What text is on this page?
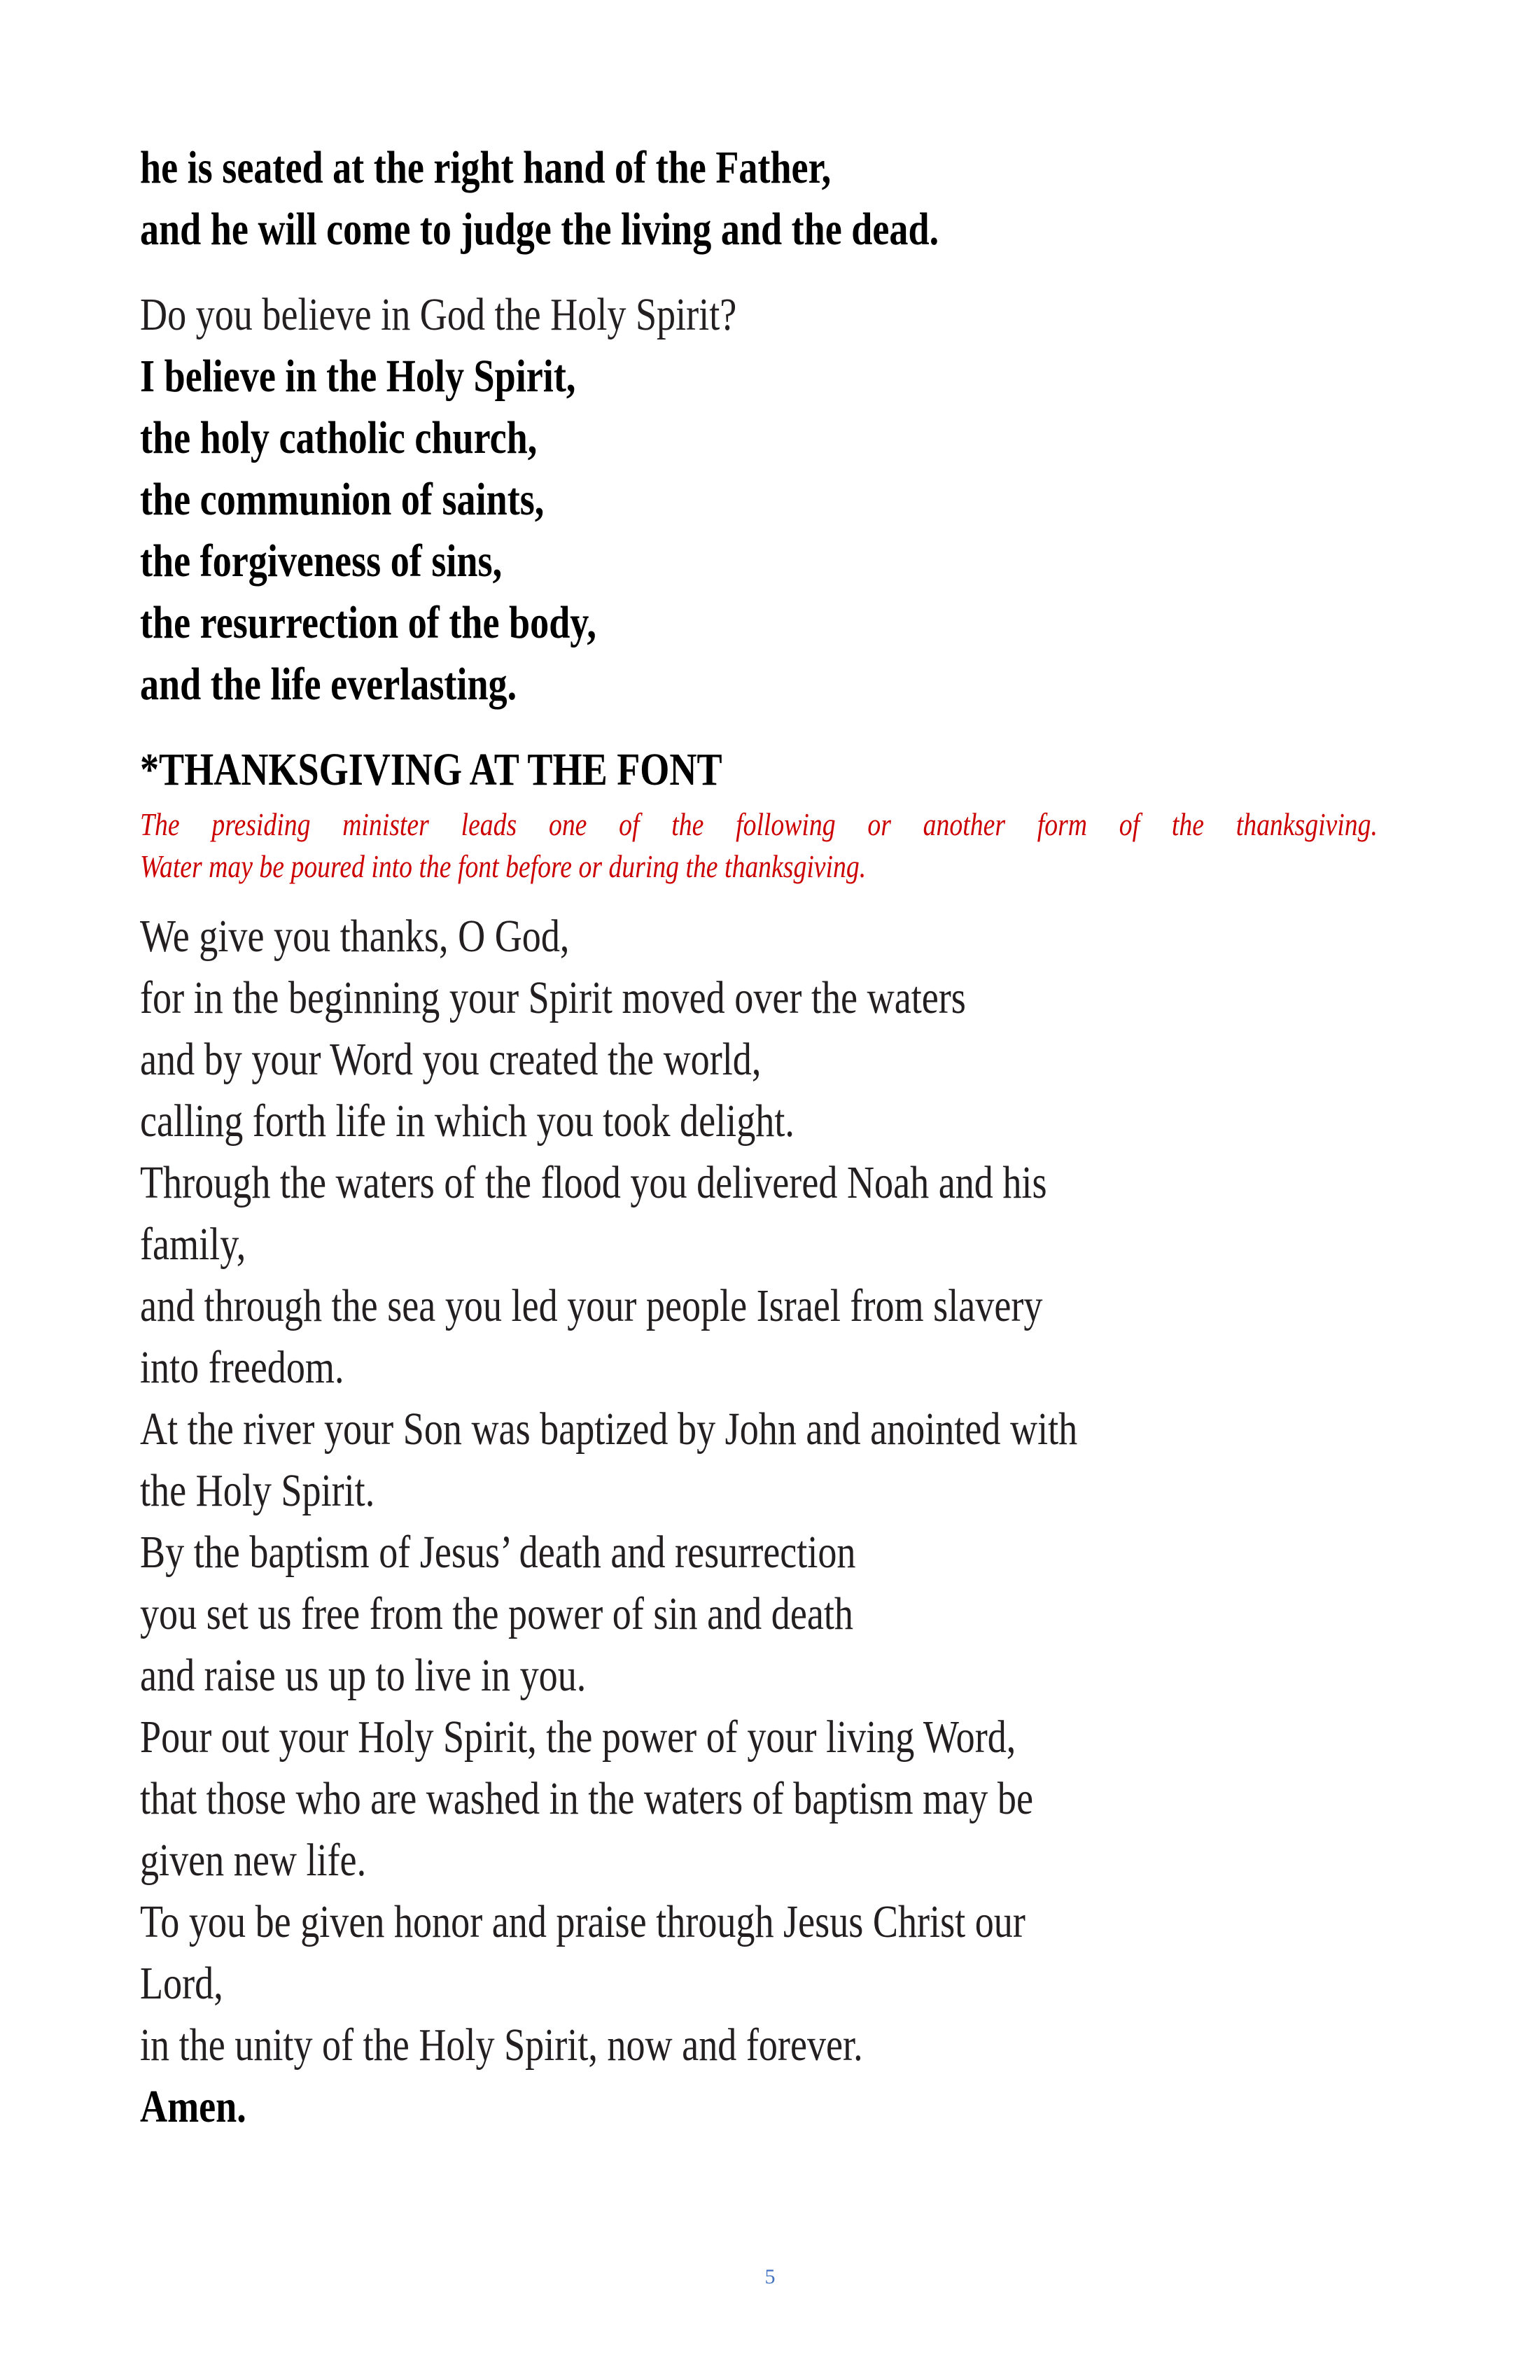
he is seated at the right hand of the Father,
and he will come to judge the living and the dead.
Do you believe in God the Holy Spirit?
I believe in the Holy Spirit,
the holy catholic church,
the communion of saints,
the forgiveness of sins,
the resurrection of the body,
and the life everlasting.
*THANKSGIVING AT THE FONT
The presiding minister leads one of the following or another form of the thanksgiving.
Water may be poured into the font before or during the thanksgiving.
We give you thanks, O God,
for in the beginning your Spirit moved over the waters
and by your Word you created the world,
calling forth life in which you took delight.
Through the waters of the flood you delivered Noah and his
family,
and through the sea you led your people Israel from slavery
into freedom.
At the river your Son was baptized by John and anointed with
the Holy Spirit.
By the baptism of Jesus’ death and resurrection
you set us free from the power of sin and death
and raise us up to live in you.
Pour out your Holy Spirit, the power of your living Word,
that those who are washed in the waters of baptism may be
given new life.
To you be given honor and praise through Jesus Christ our
Lord,
in the unity of the Holy Spirit, now and forever.
Amen.
5
